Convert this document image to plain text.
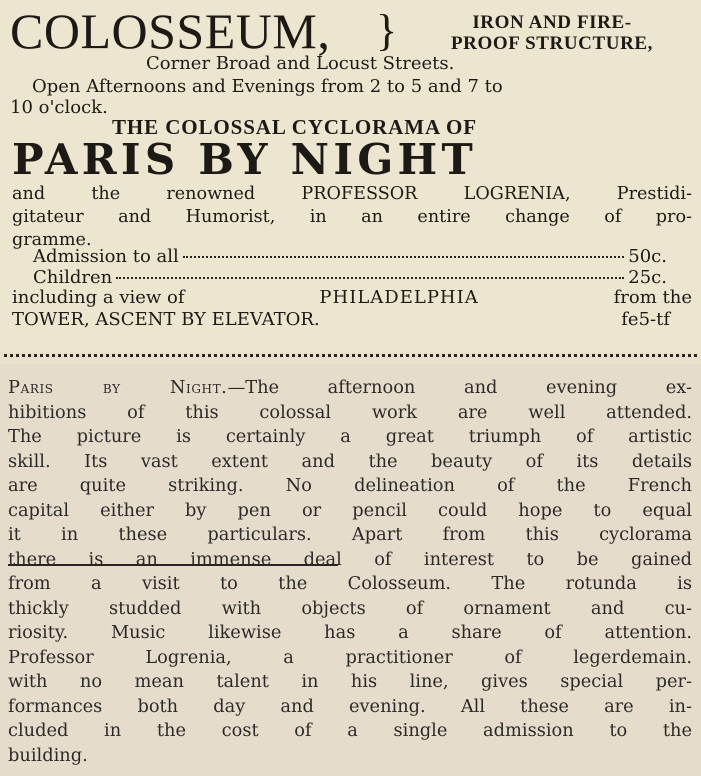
COLOSSEUM, }	IRON AND FIRE-
PROOF STRUCTURE,
Corner Broad and Locust Streets.
Open Afternoons and Evenings from 2 to 5 and 7 to
10 o'clock.
THE COLOSSAL CYCLORAMA OF
PARIS BY NIGHT
and the renowned PROFESSOR LOGRENIA, Prestidi-
gitateur and Humorist, in an entire change of pro-
gramme.
Admission to all	50c.
Children	25c.
including a view of	PHILADELPHIA	from the
TOWER, ASCENT BY ELEVATOR.	fe5-tf

Paris by Night.—The afternoon and evening ex-
hibitions of this colossal work are well attended.
The picture is certainly a great triumph of artistic
skill. Its vast extent and the beauty of its details
are quite striking. No delineation of the French
capital either by pen or pencil could hope to equal
it in these particulars. Apart from this cyclorama
there is an immense deal of interest to be gained
from a visit to the Colosseum. The rotunda is
thickly studded with objects of ornament and cu-
riosity. Music likewise has a share of attention.
Professor Logrenia, a practitioner of legerdemain.
with no mean talent in his line, gives special per-
formances both day and evening. All these are in-
cluded in the cost of a single admission to the
building.
